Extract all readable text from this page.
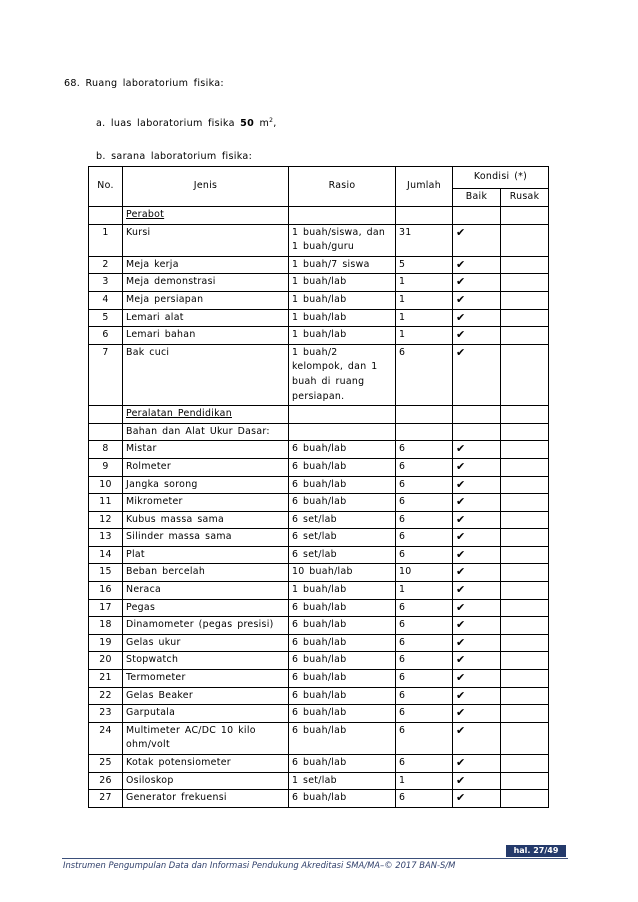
68. Ruang laboratorium fisika:
a. luas laboratorium fisika 50 $m^2$,
b. sarana laboratorium fisika:
No.	Jenis	Rasio	Jumlah	Kondisi (*)	
				Baik	Rusak
	Perabot				
1	Kursi	1 buah/siswa, dan
1 buah/guru	31	✔	
2	Meja kerja	1 buah/7 siswa	5	✔	
3	Meja demonstrasi	1 buah/lab	1	✔	
4	Meja persiapan	1 buah/lab	1	✔	
5	Lemari alat	1 buah/lab	1	✔	
6	Lemari bahan	1 buah/lab	1	✔	
7	Bak cuci	1 buah/2
kelompok, dan 1
buah di ruang
persiapan.	6	✔	
	Peralatan Pendidikan				
	Bahan dan Alat Ukur Dasar:				
8	Mistar	6 buah/lab	6	✔	
9	Rolmeter	6 buah/lab	6	✔	
10	Jangka sorong	6 buah/lab	6	✔	
11	Mikrometer	6 buah/lab	6	✔	
12	Kubus massa sama	6 set/lab	6	✔	
13	Silinder massa sama	6 set/lab	6	✔	
14	Plat	6 set/lab	6	✔	
15	Beban bercelah	10 buah/lab	10	✔	
16	Neraca	1 buah/lab	1	✔	
17	Pegas	6 buah/lab	6	✔	
18	Dinamometer (pegas presisi)	6 buah/lab	6	✔	
19	Gelas ukur	6 buah/lab	6	✔	
20	Stopwatch	6 buah/lab	6	✔	
21	Termometer	6 buah/lab	6	✔	
22	Gelas Beaker	6 buah/lab	6	✔	
23	Garputala	6 buah/lab	6	✔	
24	Multimeter AC/DC 10 kilo
ohm/volt	6 buah/lab	6	✔	
25	Kotak potensiometer	6 buah/lab	6	✔	
26	Osiloskop	1 set/lab	1	✔	
27	Generator frekuensi	6 buah/lab	6	✔	
hal. 27/49
Instrumen Pengumpulan Data dan Informasi Pendukung Akreditasi SMA/MA–© 2017 BAN-S/M
